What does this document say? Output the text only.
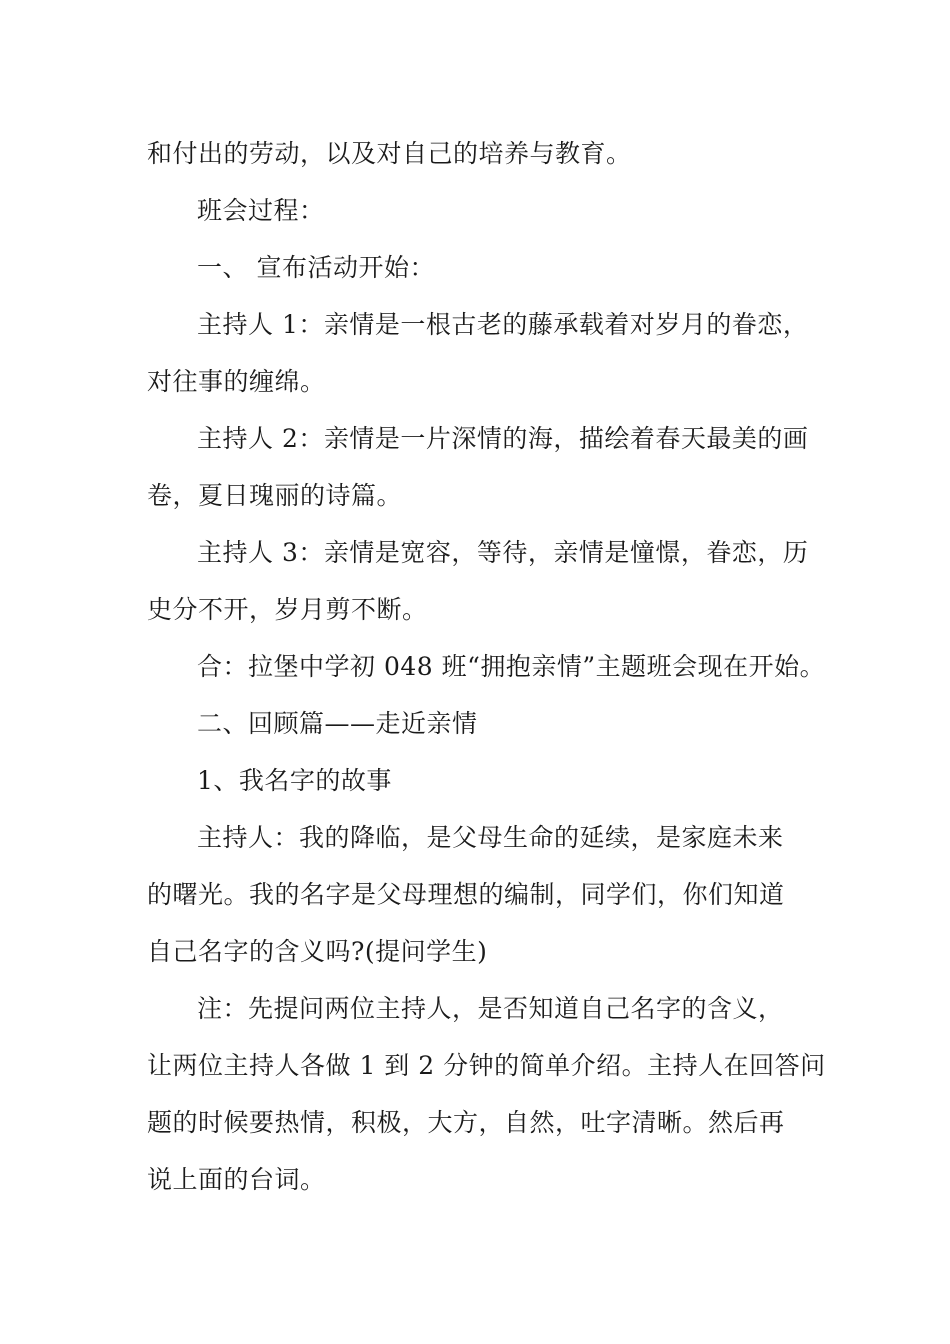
和付出的劳动，以及对自己的培养与教育。
班会过程：
一、 宣布活动开始：
主持人 1：亲情是一根古老的藤承载着对岁月的眷恋，
对往事的缠绵。
主持人 2：亲情是一片深情的海，描绘着春天最美的画
卷，夏日瑰丽的诗篇。
主持人 3：亲情是宽容，等待，亲情是憧憬，眷恋，历
史分不开，岁月剪不断。
合：拉堡中学初 048 班“拥抱亲情”主题班会现在开始。
二、回顾篇——走近亲情
1、我名字的故事
主持人：我的降临，是父母生命的延续，是家庭未来
的曙光。我的名字是父母理想的编制，同学们，你们知道
自己名字的含义吗?(提问学生)
注：先提问两位主持人，是否知道自己名字的含义，
让两位主持人各做 1 到 2 分钟的简单介绍。主持人在回答问
题的时候要热情，积极，大方，自然，吐字清晰。然后再
说上面的台词。
